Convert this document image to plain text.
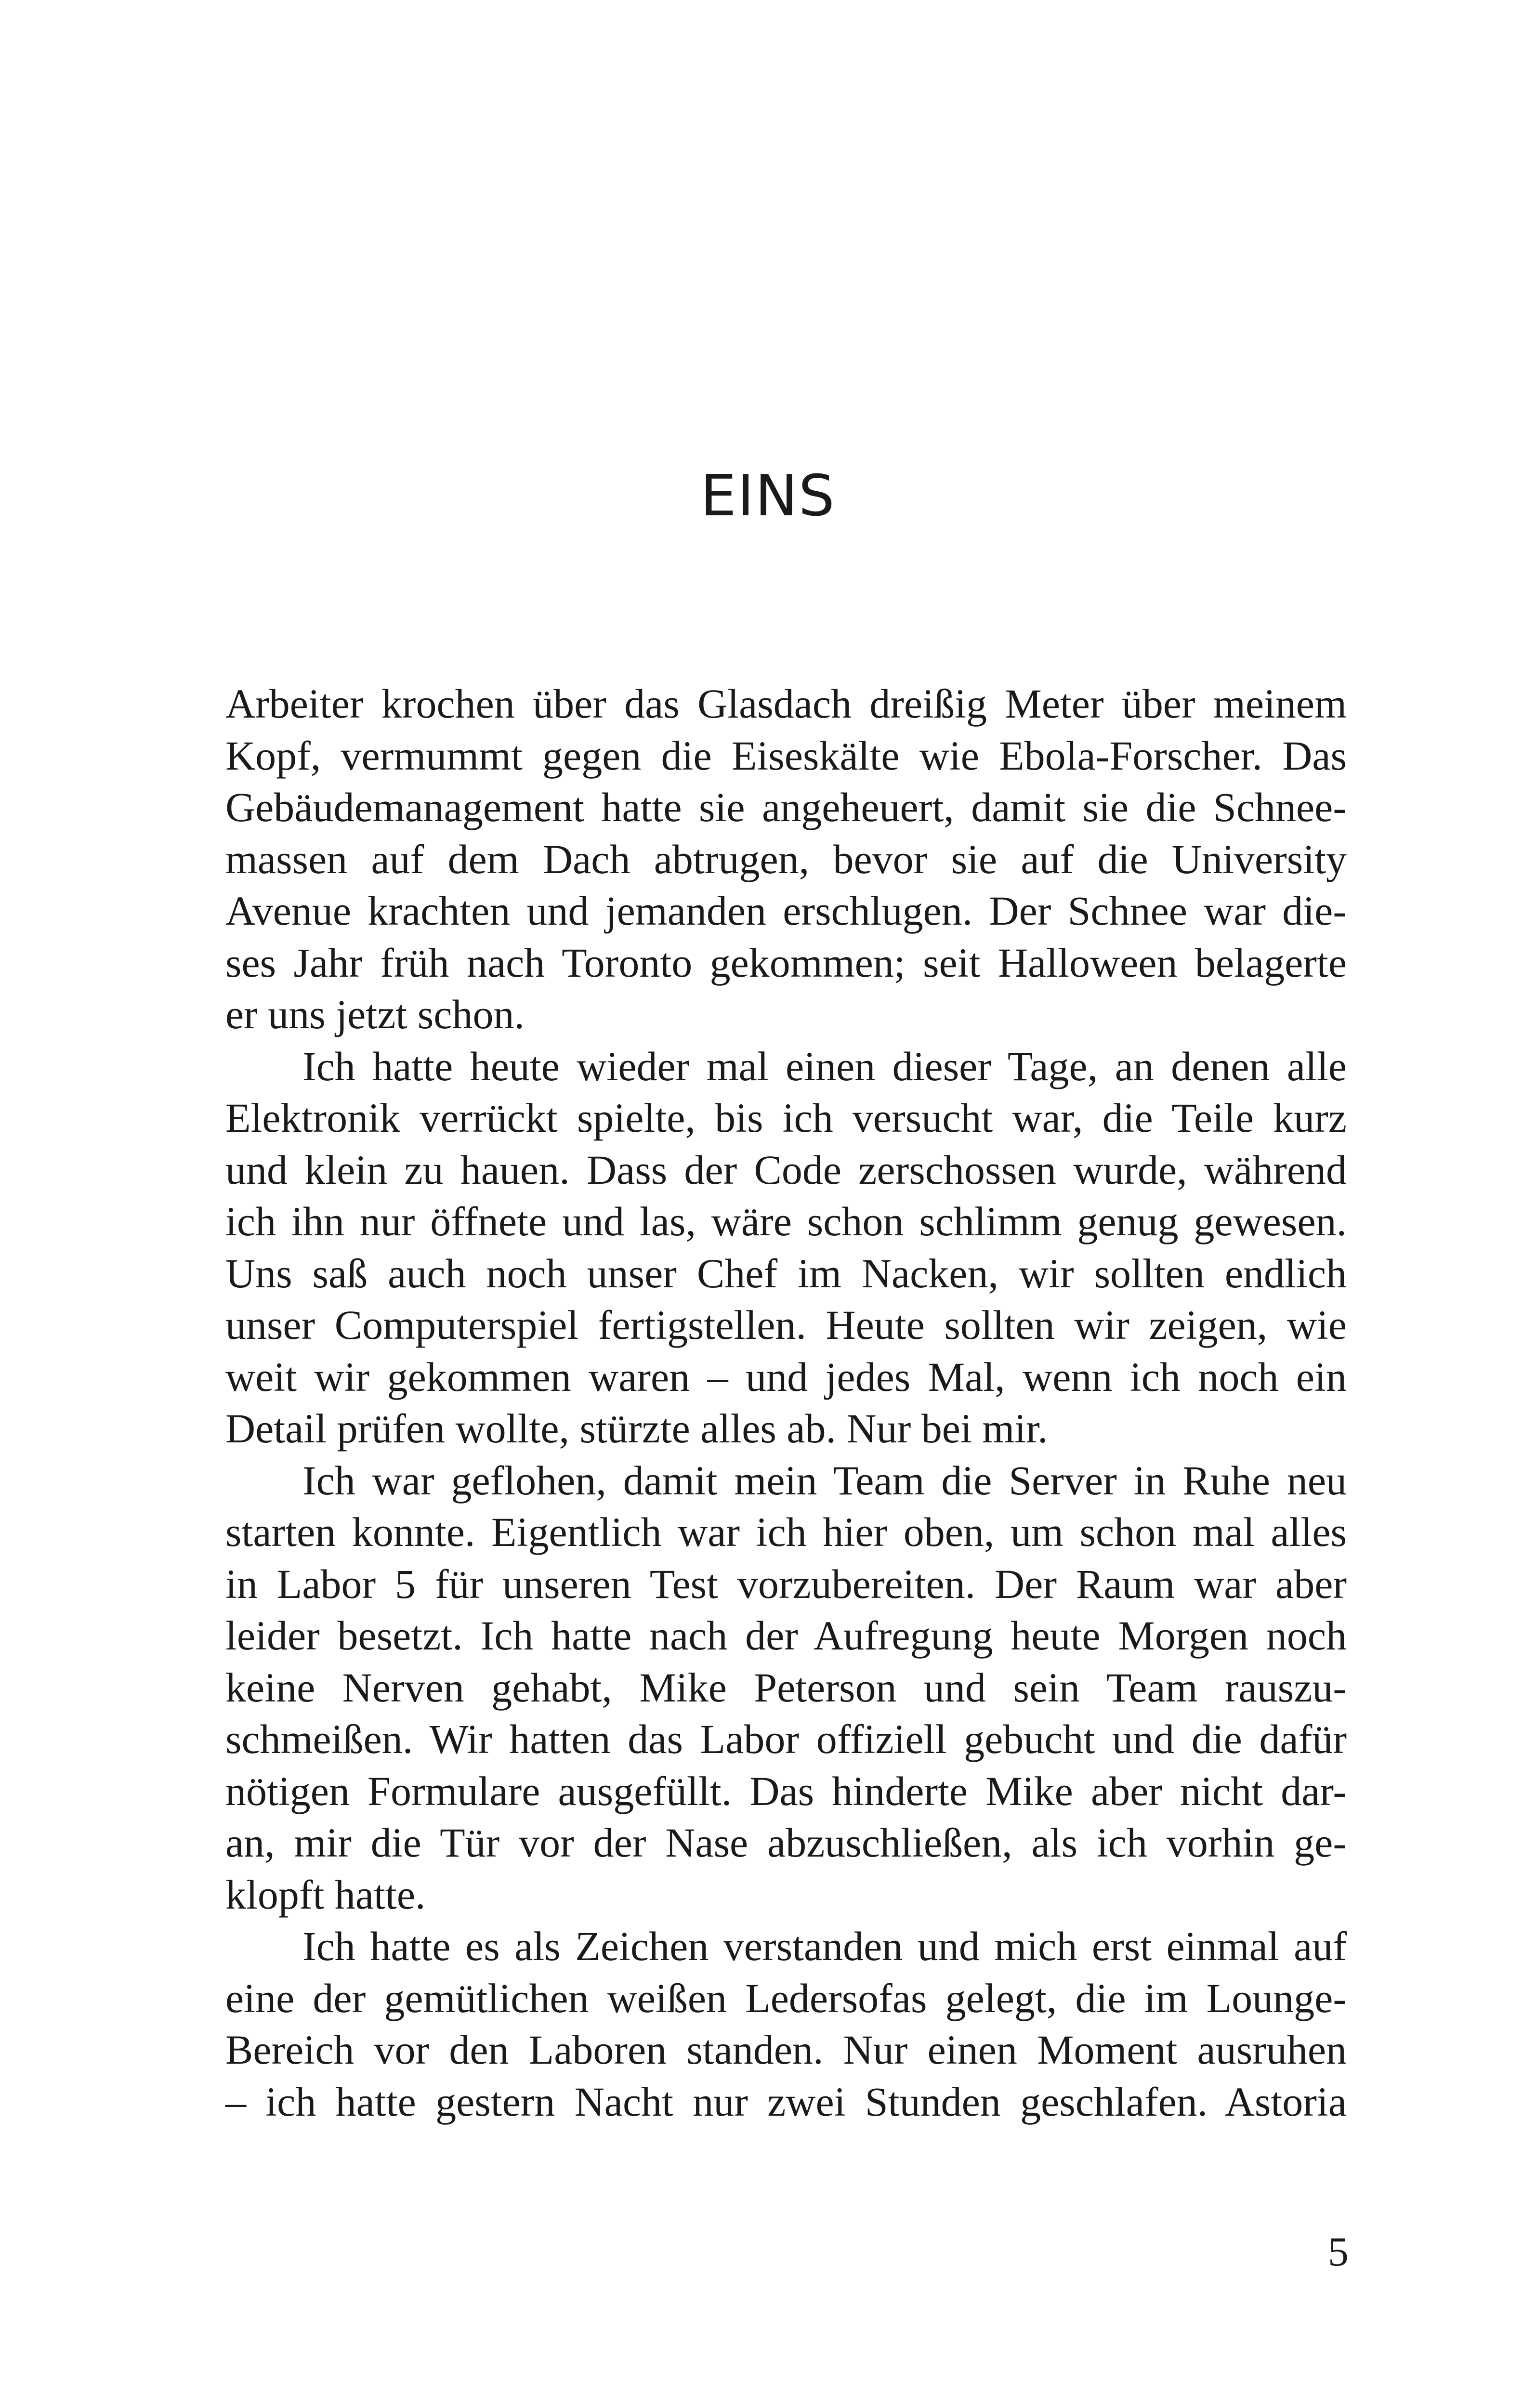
EINS
Arbeiter krochen über das Glasdach dreißig Meter über meinem
Kopf, vermummt gegen die Eiseskälte wie Ebola-Forscher. Das
Gebäudemanagement hatte sie angeheuert, damit sie die Schnee-
massen auf dem Dach abtrugen, bevor sie auf die University
Avenue krachten und jemanden erschlugen. Der Schnee war die-
ses Jahr früh nach Toronto gekommen; seit Halloween belagerte
er uns jetzt schon.
Ich hatte heute wieder mal einen dieser Tage, an denen alle
Elektronik verrückt spielte, bis ich versucht war, die Teile kurz
und klein zu hauen. Dass der Code zerschossen wurde, während
ich ihn nur öffnete und las, wäre schon schlimm genug gewesen.
Uns saß auch noch unser Chef im Nacken, wir sollten endlich
unser Computerspiel fertigstellen. Heute sollten wir zeigen, wie
weit wir gekommen waren – und jedes Mal, wenn ich noch ein
Detail prüfen wollte, stürzte alles ab. Nur bei mir.
Ich war geflohen, damit mein Team die Server in Ruhe neu
starten konnte. Eigentlich war ich hier oben, um schon mal alles
in Labor 5 für unseren Test vorzubereiten. Der Raum war aber
leider besetzt. Ich hatte nach der Aufregung heute Morgen noch
keine Nerven gehabt, Mike Peterson und sein Team rauszu-
schmeißen. Wir hatten das Labor offiziell gebucht und die dafür
nötigen Formulare ausgefüllt. Das hinderte Mike aber nicht dar-
an, mir die Tür vor der Nase abzuschließen, als ich vorhin ge-
klopft hatte.
Ich hatte es als Zeichen verstanden und mich erst einmal auf
eine der gemütlichen weißen Ledersofas gelegt, die im Lounge-
Bereich vor den Laboren standen. Nur einen Moment ausruhen
– ich hatte gestern Nacht nur zwei Stunden geschlafen. Astoria
5
